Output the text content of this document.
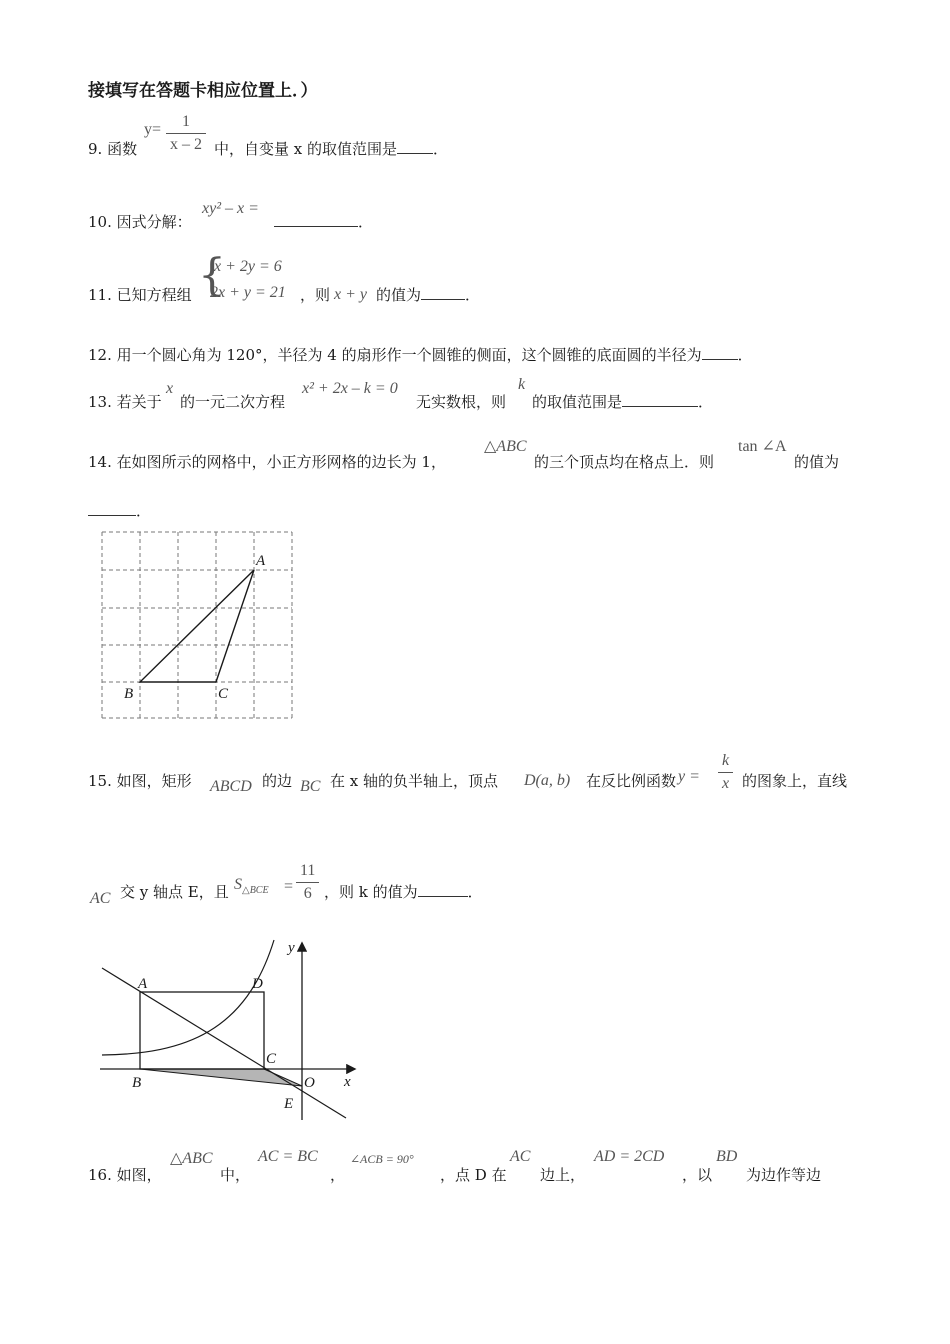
接填写在答题卡相应位置上．）
9. 函数
$y= \frac{1}{x - 2}$ 中，自变量 x 的取值范围是 ．
10. 因式分解：
xy² – x =
．
11. 已知方程组 {
x + 2y = 6
2x + y = 21 ，则 x + y 的值为	．
12. 用一个圆心角为 120°，半径为 4 的扇形作一个圆锥的侧面，这个圆锥的底面圆的半径为 ．
13. 若关于
x
的一元二次方程
x² + 2x – k = 0
无实数根，则
k
的取值范围是	．
14. 在如图所示的网格中，小正方形网格的边长为 1，
△ABC
的三个顶点均在格点上．则
tan ∠A
的值为
．
A
B	C
15. 如图，矩形 ABCD 的边 BC 在 x 轴的负半轴上，顶点 D(a, b) 在反比例函数 $y = \frac{k}{x}$ 的图象上，直线
AC 交 y 轴点 E，且 $S_{\triangle BCE} = \frac{11}{6}$ ，则 k 的值为	．
A	D
B
C
O
E
x
y
16. 如图，
△ABC
中，
AC = BC
，
∠ACB = 90°
，点 D 在
AC
边上，
AD = 2CD
，以
BD
为边作等边
